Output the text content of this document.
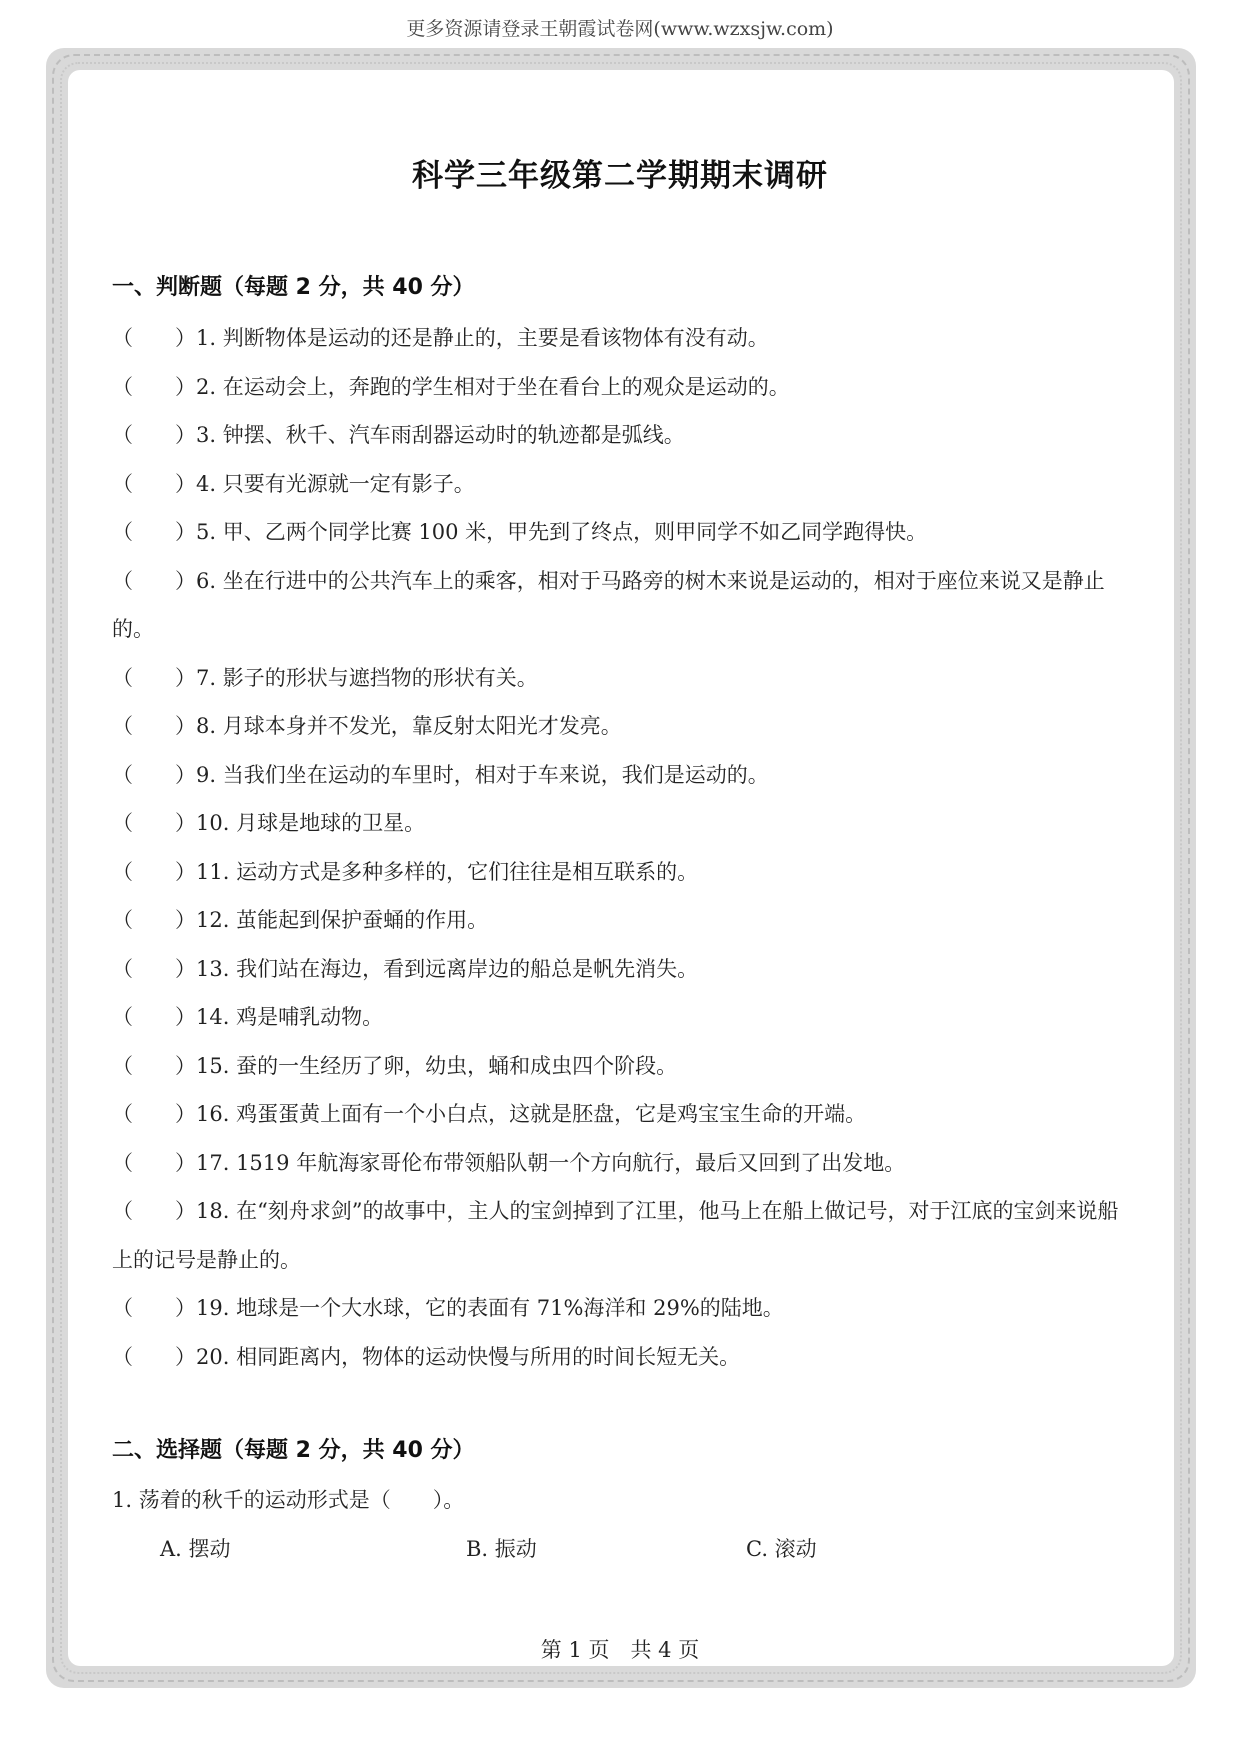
更多资源请登录王朝霞试卷网(www.wzxsjw.com)
科学三年级第二学期期末调研
一、判断题（每题 2 分，共 40 分）
（　　）1. 判断物体是运动的还是静止的，主要是看该物体有没有动。
（　　）2. 在运动会上，奔跑的学生相对于坐在看台上的观众是运动的。
（　　）3. 钟摆、秋千、汽车雨刮器运动时的轨迹都是弧线。
（　　）4. 只要有光源就一定有影子。
（　　）5. 甲、乙两个同学比赛 100 米，甲先到了终点，则甲同学不如乙同学跑得快。
（　　）6. 坐在行进中的公共汽车上的乘客，相对于马路旁的树木来说是运动的，相对于座位来说又是静止的。
（　　）7. 影子的形状与遮挡物的形状有关。
（　　）8. 月球本身并不发光，靠反射太阳光才发亮。
（　　）9. 当我们坐在运动的车里时，相对于车来说，我们是运动的。
（　　）10. 月球是地球的卫星。
（　　）11. 运动方式是多种多样的，它们往往是相互联系的。
（　　）12. 茧能起到保护蚕蛹的作用。
（　　）13. 我们站在海边，看到远离岸边的船总是帆先消失。
（　　）14. 鸡是哺乳动物。
（　　）15. 蚕的一生经历了卵，幼虫，蛹和成虫四个阶段。
（　　）16. 鸡蛋蛋黄上面有一个小白点，这就是胚盘，它是鸡宝宝生命的开端。
（　　）17. 1519 年航海家哥伦布带领船队朝一个方向航行，最后又回到了出发地。
（　　）18. 在“刻舟求剑”的故事中，主人的宝剑掉到了江里，他马上在船上做记号，对于江底的宝剑来说船上的记号是静止的。
（　　）19. 地球是一个大水球，它的表面有 71%海洋和 29%的陆地。
（　　）20. 相同距离内，物体的运动快慢与所用的时间长短无关。
二、选择题（每题 2 分，共 40 分）
1. 荡着的秋千的运动形式是（　　）。
A. 摆动	B. 振动	C. 滚动
第 1 页　共 4 页
